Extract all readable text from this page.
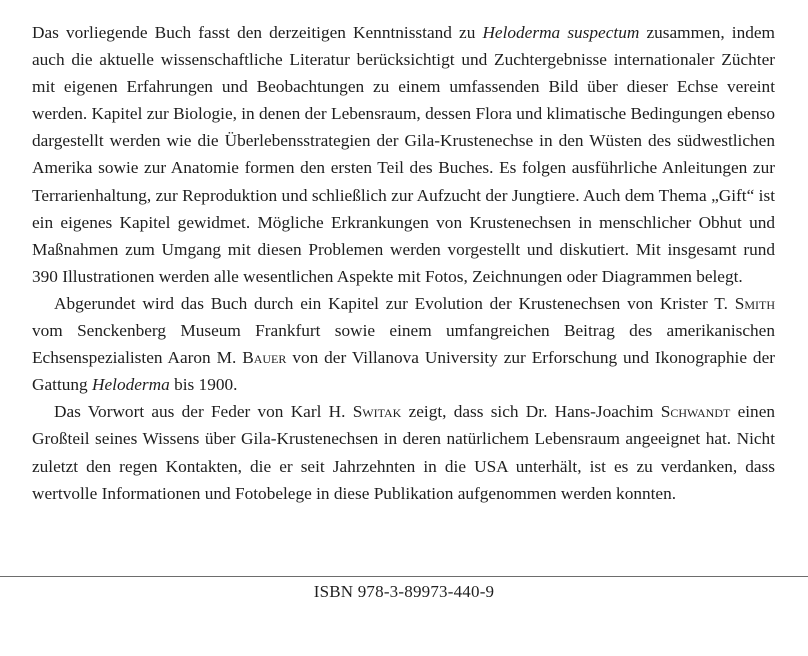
Das vorliegende Buch fasst den derzeitigen Kenntnisstand zu Heloderma suspectum zusammen, indem auch die aktuelle wissenschaftliche Literatur berücksichtigt und Zuchtergebnisse internationaler Züchter mit eigenen Erfahrungen und Beobachtungen zu einem umfassenden Bild über dieser Echse vereint werden. Kapitel zur Biologie, in denen der Lebensraum, dessen Flora und klimatische Bedingungen ebenso dargestellt werden wie die Überlebensstrategien der Gila-Krustenechse in den Wüsten des südwestlichen Amerika sowie zur Anatomie formen den ersten Teil des Buches. Es folgen ausführliche Anleitungen zur Terrarienhaltung, zur Reproduktion und schließlich zur Aufzucht der Jungtiere. Auch dem Thema „Gift“ ist ein eigenes Kapitel gewidmet. Mögliche Erkrankungen von Krustenechsen in menschlicher Obhut und Maßnahmen zum Umgang mit diesen Problemen werden vorgestellt und diskutiert. Mit insgesamt rund 390 Illustrationen werden alle wesentlichen Aspekte mit Fotos, Zeichnungen oder Diagrammen belegt.

Abgerundet wird das Buch durch ein Kapitel zur Evolution der Krustenechsen von Krister T. Smith vom Senckenberg Museum Frankfurt sowie einem umfangreichen Beitrag des amerikanischen Echsenspezialisten Aaron M. Bauer von der Villanova University zur Erforschung und Ikonographie der Gattung Heloderma bis 1900.

Das Vorwort aus der Feder von Karl H. Switak zeigt, dass sich Dr. Hans-Joachim Schwandt einen Großteil seines Wissens über Gila-Krustenechsen in deren natürlichem Lebensraum angeeignet hat. Nicht zuletzt den regen Kontakten, die er seit Jahrzehnten in die USA unterhält, ist es zu verdanken, dass wertvolle Informationen und Fotobelege in diese Publikation aufgenommen werden konnten.

ISBN 978-3-89973-440-9
